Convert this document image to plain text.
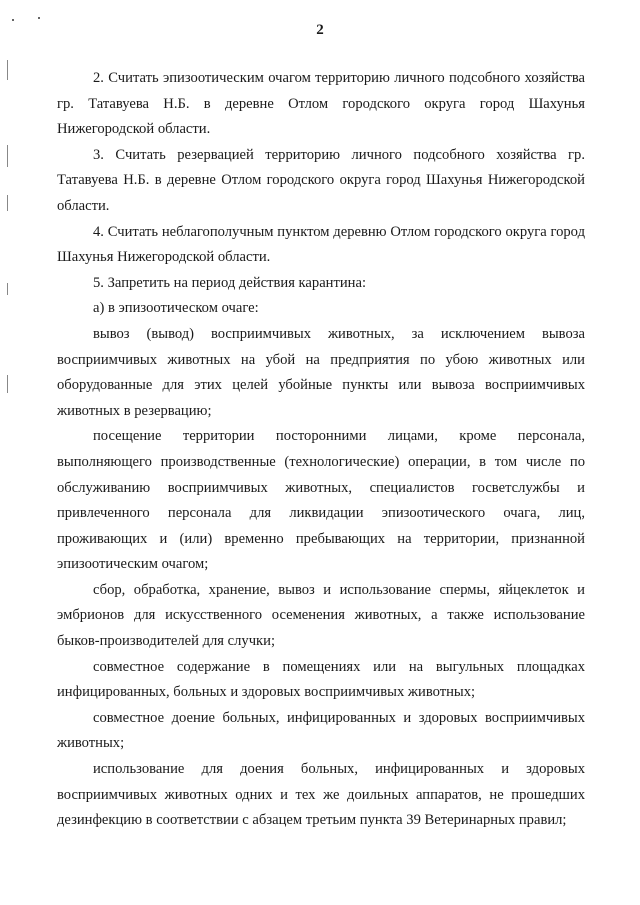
2

2. Считать эпизоотическим очагом территорию личного подсобного хозяйства гр. Татавуева Н.Б. в деревне Отлом городского округа город Шахунья Нижегородской области.

3. Считать резервацией территорию личного подсобного хозяйства гр. Татавуева Н.Б. в деревне Отлом городского округа город Шахунья Нижегородской области.

4. Считать неблагополучным пунктом деревню Отлом городского округа город Шахунья Нижегородской области.

5. Запретить на период действия карантина:

а) в эпизоотическом очаге:

вывоз (вывод) восприимчивых животных, за исключением вывоза восприимчивых животных на убой на предприятия по убою животных или оборудованные для этих целей убойные пункты или вывоза восприимчивых животных в резервацию;

посещение территории посторонними лицами, кроме персонала, выполняющего производственные (технологические) операции, в том числе по обслуживанию восприимчивых животных, специалистов госветслужбы и привлеченного персонала для ликвидации эпизоотического очага, лиц, проживающих и (или) временно пребывающих на территории, признанной эпизоотическим очагом;

сбор, обработка, хранение, вывоз и использование спермы, яйцеклеток и эмбрионов для искусственного осеменения животных, а также использование быков-производителей для случки;

совместное содержание в помещениях или на выгульных площадках инфицированных, больных и здоровых восприимчивых животных;

совместное доение больных, инфицированных и здоровых восприимчивых животных;

использование для доения больных, инфицированных и здоровых восприимчивых животных одних и тех же доильных аппаратов, не прошедших дезинфекцию в соответствии с абзацем третьим пункта 39 Ветеринарных правил;
